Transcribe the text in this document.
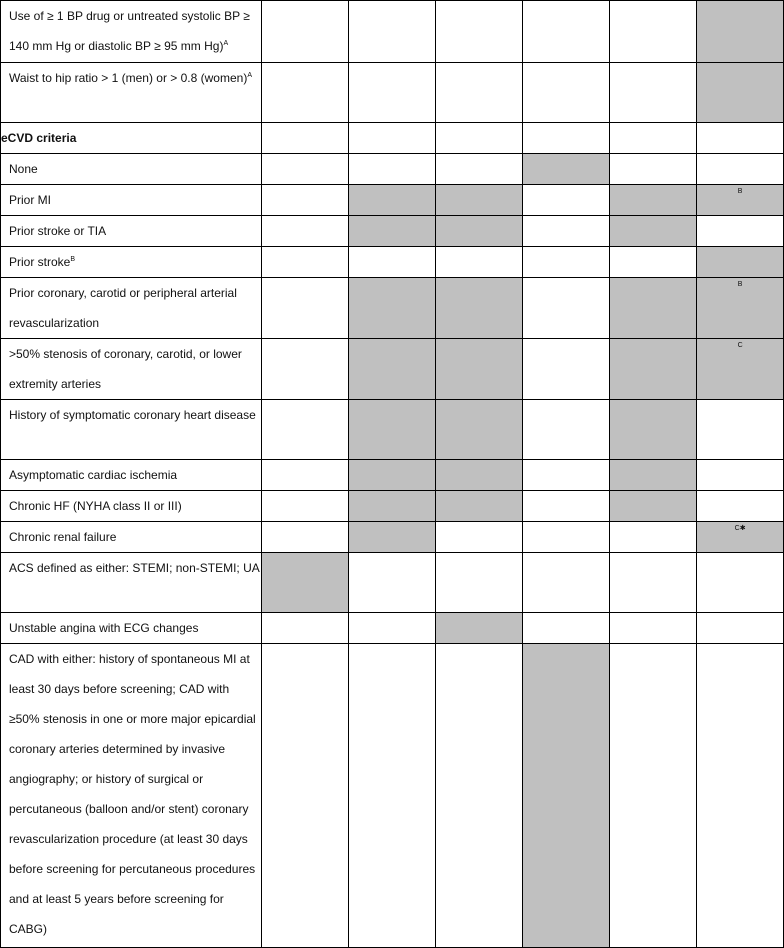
Use of ≥ 1 BP drug or untreated systolic BP ≥ 140 mm Hg or diastolic BP ≥ 95 mm Hg)$^A$

Waist to hip ratio > 1 (men) or > 0.8 (women)$^A$

eCVD criteria						

None						

Prior MI						B

Prior stroke or TIA						

Prior stroke$^B$

Prior coronary, carotid or peripheral arterial revascularization						B

>50% stenosis of coronary, carotid, or lower extremity arteries						C

History of symptomatic coronary heart disease						

Asymptomatic cardiac ischemia						

Chronic HF (NYHA class II or III)						

Chronic renal failure						C✱

ACS defined as either: STEMI; non-STEMI; UA						

Unstable angina with ECG changes						

CAD with either: history of spontaneous MI at least 30 days before screening; CAD with ≥50% stenosis in one or more major epicardial coronary arteries determined by invasive angiography; or history of surgical or percutaneous (balloon and/or stent) coronary revascularization procedure (at least 30 days before screening for percutaneous procedures and at least 5 years before screening for CABG)						
